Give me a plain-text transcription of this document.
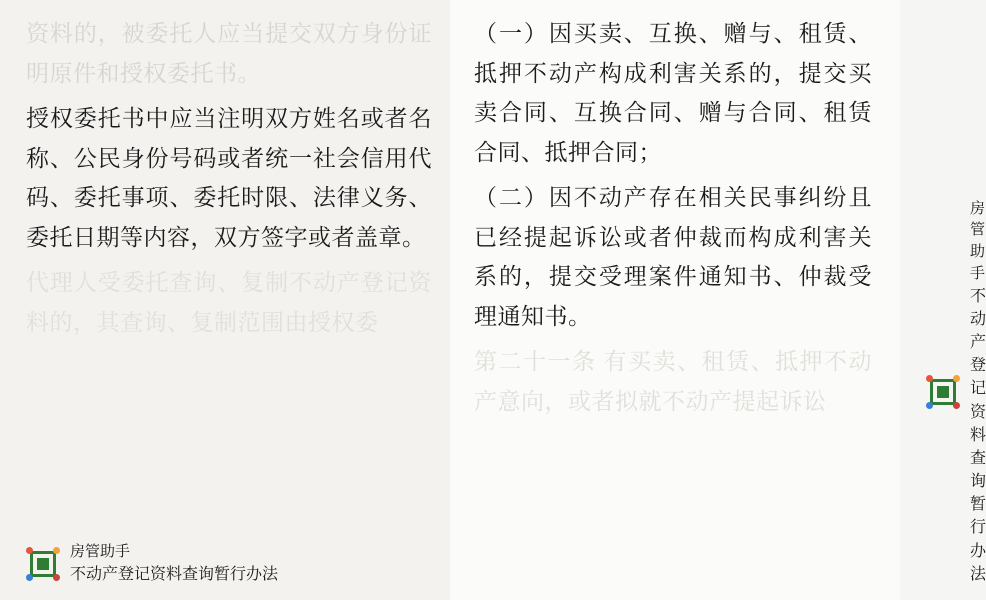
资料的，被委托人应当提交双方身份证明原件和授权委托书。

授权委托书中应当注明双方姓名或者名称、公民身份号码或者统一社会信用代码、委托事项、委托时限、法律义务、委托日期等内容，双方签字或者盖章。

代理人受委托查询、复制不动产登记资料的，其查询、复制范围由授权委

房管助手
不动产登记资料查询暂行办法

（一）因买卖、互换、赠与、租赁、抵押不动产构成利害关系的，提交买卖合同、互换合同、赠与合同、租赁合同、抵押合同；

（二）因不动产存在相关民事纠纷且已经提起诉讼或者仲裁而构成利害关系的，提交受理案件通知书、仲裁受理通知书。

第二十一条 有买卖、租赁、抵押不动产意向，或者拟就不动产提起诉讼

房管助手
不动产登记资料查询暂行办法
